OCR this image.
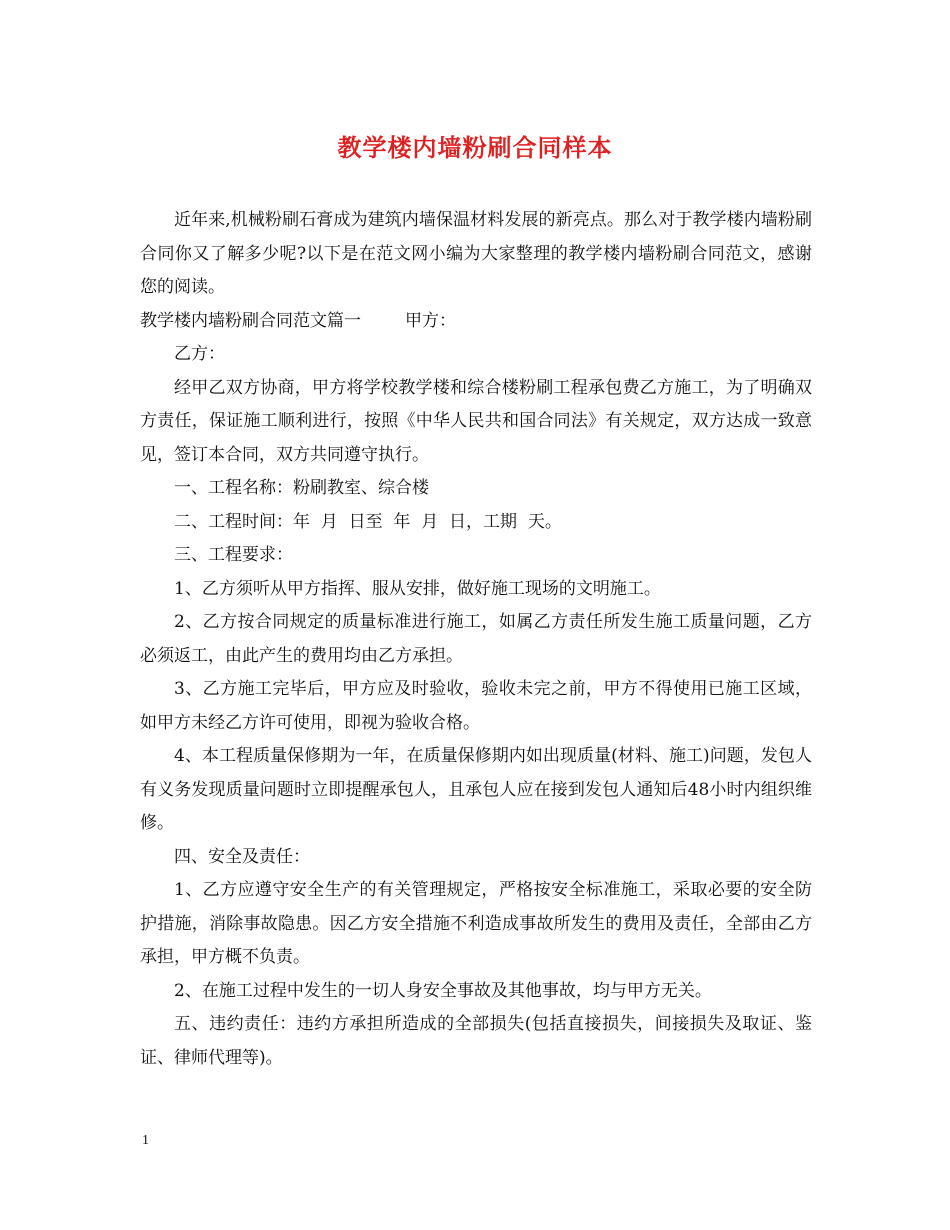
教学楼内墙粉刷合同样本

近年来,机械粉刷石膏成为建筑内墙保温材料发展的新亮点。那么对于教学楼内墙粉刷合同你又了解多少呢?以下是在范文网小编为大家整理的教学楼内墙粉刷合同范文，感谢您的阅读。

教学楼内墙粉刷合同范文篇一	甲方：

乙方：

经甲乙双方协商，甲方将学校教学楼和综合楼粉刷工程承包费乙方施工，为了明确双方责任，保证施工顺利进行，按照《中华人民共和国合同法》有关规定，双方达成一致意见，签订本合同，双方共同遵守执行。

一、工程名称：粉刷教室、综合楼

二、工程时间：年  月  日至  年  月  日，工期  天。

三、工程要求：

1、乙方须听从甲方指挥、服从安排，做好施工现场的文明施工。

2、乙方按合同规定的质量标准进行施工，如属乙方责任所发生施工质量问题，乙方必须返工，由此产生的费用均由乙方承担。

3、乙方施工完毕后，甲方应及时验收，验收未完之前，甲方不得使用已施工区域，如甲方未经乙方许可使用，即视为验收合格。

4、本工程质量保修期为一年，在质量保修期内如出现质量(材料、施工)问题，发包人有义务发现质量问题时立即提醒承包人，且承包人应在接到发包人通知后48小时内组织维修。

四、安全及责任：

1、乙方应遵守安全生产的有关管理规定，严格按安全标准施工，采取必要的安全防护措施，消除事故隐患。因乙方安全措施不利造成事故所发生的费用及责任，全部由乙方承担，甲方概不负责。

2、在施工过程中发生的一切人身安全事故及其他事故，均与甲方无关。

五、违约责任：违约方承担所造成的全部损失(包括直接损失，间接损失及取证、鉴证、律师代理等)。

1
